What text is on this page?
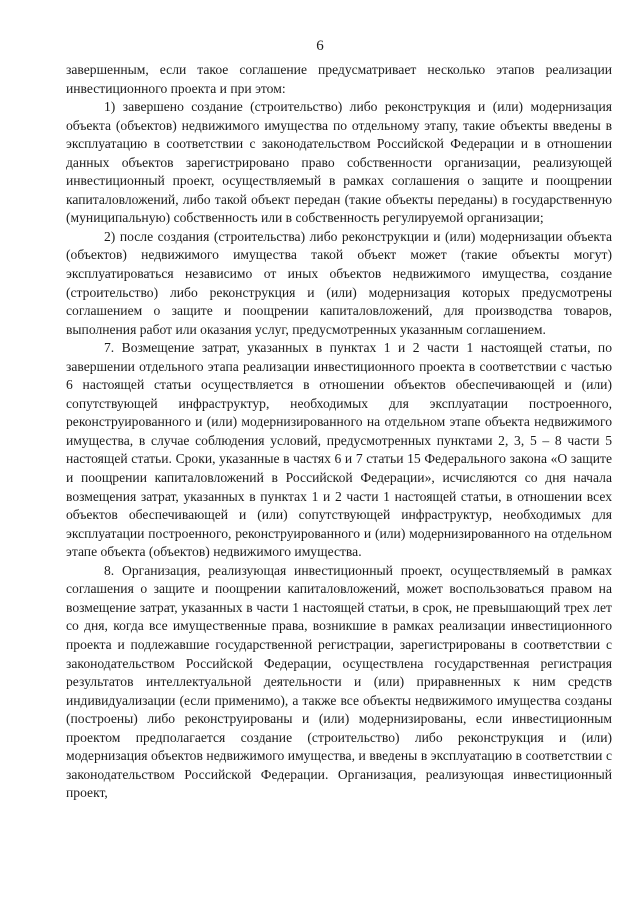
6

завершенным, если такое соглашение предусматривает несколько этапов реализации инвестиционного проекта и при этом:

1) завершено создание (строительство) либо реконструкция и (или) модернизация объекта (объектов) недвижимого имущества по отдельному этапу, такие объекты введены в эксплуатацию в соответствии с законодательством Российской Федерации и в отношении данных объектов зарегистрировано право собственности организации, реализующей инвестиционный проект, осуществляемый в рамках соглашения о защите и поощрении капиталовложений, либо такой объект передан (такие объекты переданы) в государственную (муниципальную) собственность или в собственность регулируемой организации;

2) после создания (строительства) либо реконструкции и (или) модернизации объекта (объектов) недвижимого имущества такой объект может (такие объекты могут) эксплуатироваться независимо от иных объектов недвижимого имущества, создание (строительство) либо реконструкция и (или) модернизация которых предусмотрены соглашением о защите и поощрении капиталовложений, для производства товаров, выполнения работ или оказания услуг, предусмотренных указанным соглашением.

7. Возмещение затрат, указанных в пунктах 1 и 2 части 1 настоящей статьи, по завершении отдельного этапа реализации инвестиционного проекта в соответствии с частью 6 настоящей статьи осуществляется в отношении объектов обеспечивающей и (или) сопутствующей инфраструктур, необходимых для эксплуатации построенного, реконструированного и (или) модернизированного на отдельном этапе объекта недвижимого имущества, в случае соблюдения условий, предусмотренных пунктами 2, 3, 5 – 8 части 5 настоящей статьи. Сроки, указанные в частях 6 и 7 статьи 15 Федерального закона «О защите и поощрении капиталовложений в Российской Федерации», исчисляются со дня начала возмещения затрат, указанных в пунктах 1 и 2 части 1 настоящей статьи, в отношении всех объектов обеспечивающей и (или) сопутствующей инфраструктур, необходимых для эксплуатации построенного, реконструированного и (или) модернизированного на отдельном этапе объекта (объектов) недвижимого имущества.

8. Организация, реализующая инвестиционный проект, осуществляемый в рамках соглашения о защите и поощрении капиталовложений, может воспользоваться правом на возмещение затрат, указанных в части 1 настоящей статьи, в срок, не превышающий трех лет со дня, когда все имущественные права, возникшие в рамках реализации инвестиционного проекта и подлежавшие государственной регистрации, зарегистрированы в соответствии с законодательством Российской Федерации, осуществлена государственная регистрация результатов интеллектуальной деятельности и (или) приравненных к ним средств индивидуализации (если применимо), а также все объекты недвижимого имущества созданы (построены) либо реконструированы и (или) модернизированы, если инвестиционным проектом предполагается создание (строительство) либо реконструкция и (или) модернизация объектов недвижимого имущества, и введены в эксплуатацию в соответствии с законодательством Российской Федерации. Организация, реализующая инвестиционный проект,
